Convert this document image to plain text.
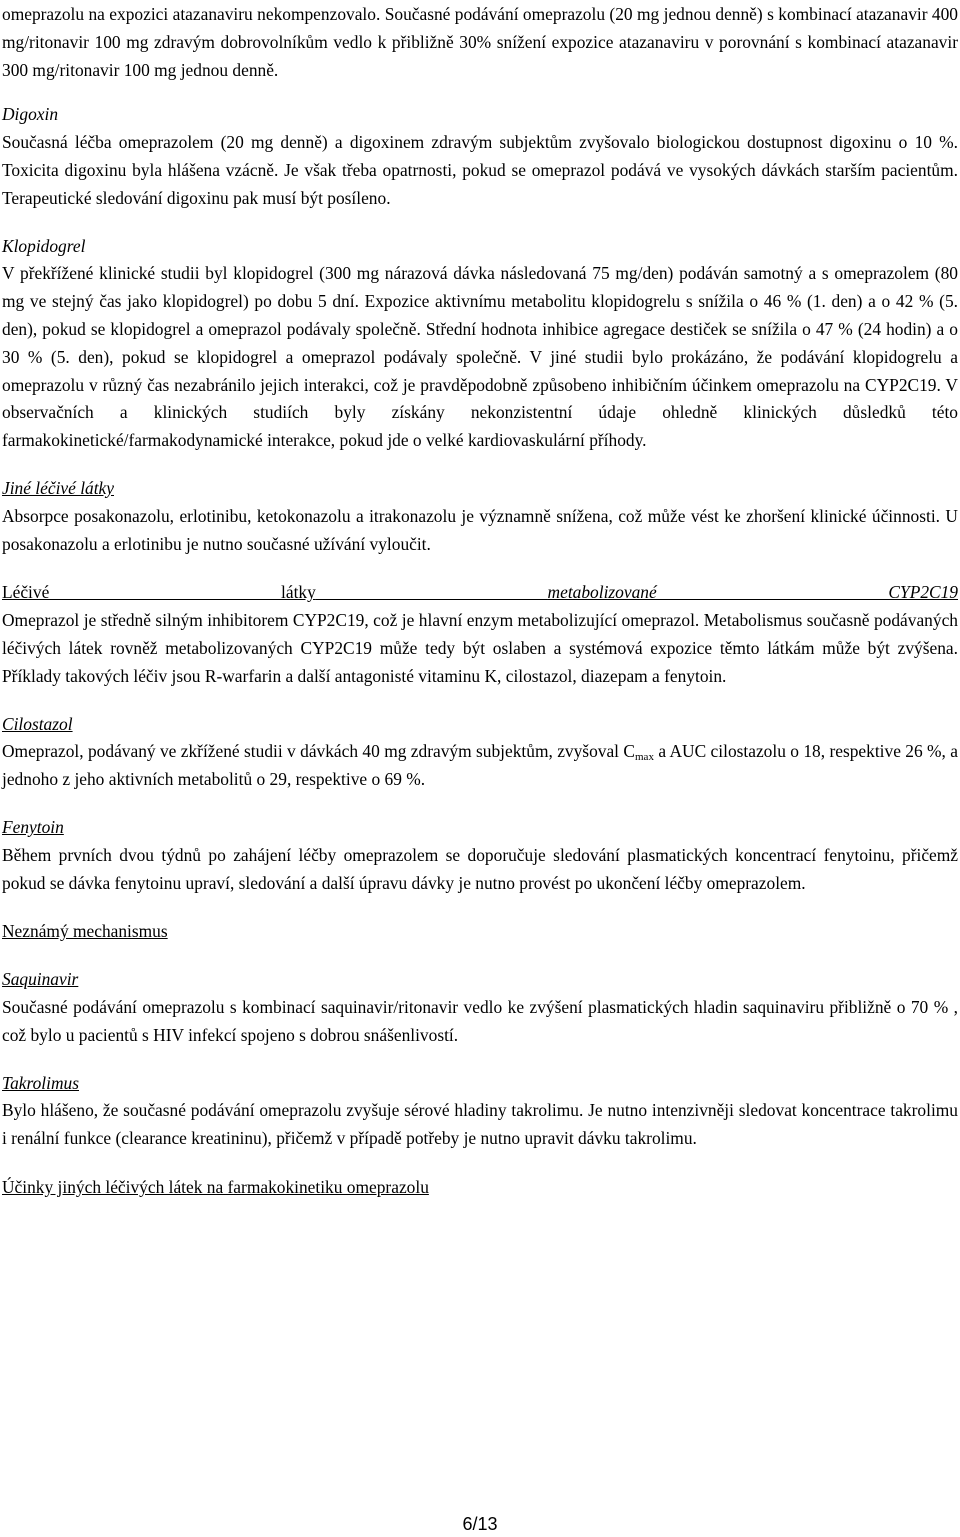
omeprazolu na expozici atazanaviru nekompenzovalo. Současné podávání omeprazolu (20 mg jednou denně) s kombinací atazanavir 400 mg/ritonavir 100 mg zdravým dobrovolníkům vedlo k přibližně 30% snížení expozice atazanaviru v porovnání s kombinací atazanavir 300 mg/ritonavir 100 mg jednou denně.

Digoxin

Současná léčba omeprazolem (20 mg denně) a digoxinem zdravým subjektům zvyšovalo biologickou dostupnost digoxinu o 10 %. Toxicita digoxinu byla hlášena vzácně. Je však třeba opatrnosti, pokud se omeprazol podává ve vysokých dávkách starším pacientům. Terapeutické sledování digoxinu pak musí být posíleno.

Klopidogrel

V překřížené klinické studii byl klopidogrel (300 mg nárazová dávka následovaná 75 mg/den) podáván samotný a s omeprazolem (80 mg ve stejný čas jako klopidogrel) po dobu 5 dní. Expozice aktivnímu metabolitu klopidogrelu s snížila o 46 % (1. den) a o 42 % (5. den), pokud se klopidogrel a omeprazol podávaly společně. Střední hodnota inhibice agregace destiček se snížila o 47 % (24 hodin) a o 30 % (5. den), pokud se klopidogrel a omeprazol podávaly společně. V jiné studii bylo prokázáno, že podávání klopidogrelu a omeprazolu v různý čas nezabránilo jejich interakci, což je pravděpodobně způsobeno inhibičním účinkem omeprazolu na CYP2C19. V observačních a klinických studiích byly získány nekonzistentní údaje ohledně klinických důsledků této farmakokinetické/farmakodynamické interakce, pokud jde o velké kardiovaskulární příhody.

Jiné léčivé látky

Absorpce posakonazolu, erlotinibu, ketokonazolu a itrakonazolu je významně snížena, což může vést ke zhoršení klinické účinnosti. U posakonazolu a erlotinibu je nutno současné užívání vyloučit.

Léčivé látky	metabolizované CYP2C19

Omeprazol je středně silným inhibitorem CYP2C19, což je hlavní enzym metabolizující omeprazol. Metabolismus současně podávaných léčivých látek rovněž metabolizovaných CYP2C19 může tedy být oslaben a systémová expozice těmto látkám může být zvýšena. Příklady takových léčiv jsou R-warfarin a další antagonisté vitaminu K, cilostazol, diazepam a fenytoin.

Cilostazol

Omeprazol, podávaný ve zkřížené studii v dávkách 40 mg zdravým subjektům, zvyšoval $C_{max}$ a AUC cilostazolu o 18, respektive 26 %, a jednoho z jeho aktivních metabolitů o 29, respektive o 69 %.

Fenytoin

Během prvních dvou týdnů po zahájení léčby omeprazolem se doporučuje sledování plasmatických koncentrací fenytoinu, přičemž pokud se dávka fenytoinu upraví, sledování a další úpravu dávky je nutno provést po ukončení léčby omeprazolem.

Neznámý mechanismus

Saquinavir

Současné podávání omeprazolu s kombinací saquinavir/ritonavir vedlo ke zvýšení plasmatických hladin saquinaviru přibližně o 70 % , což bylo u pacientů s HIV infekcí spojeno s dobrou snášenlivostí.

Takrolimus

Bylo hlášeno, že současné podávání omeprazolu zvyšuje sérové hladiny takrolimu. Je nutno intenzivněji sledovat koncentrace takrolimu i renální funkce (clearance kreatininu), přičemž v případě potřeby je nutno upravit dávku takrolimu.

Účinky jiných léčivých látek na farmakokinetiku omeprazolu

6/13
